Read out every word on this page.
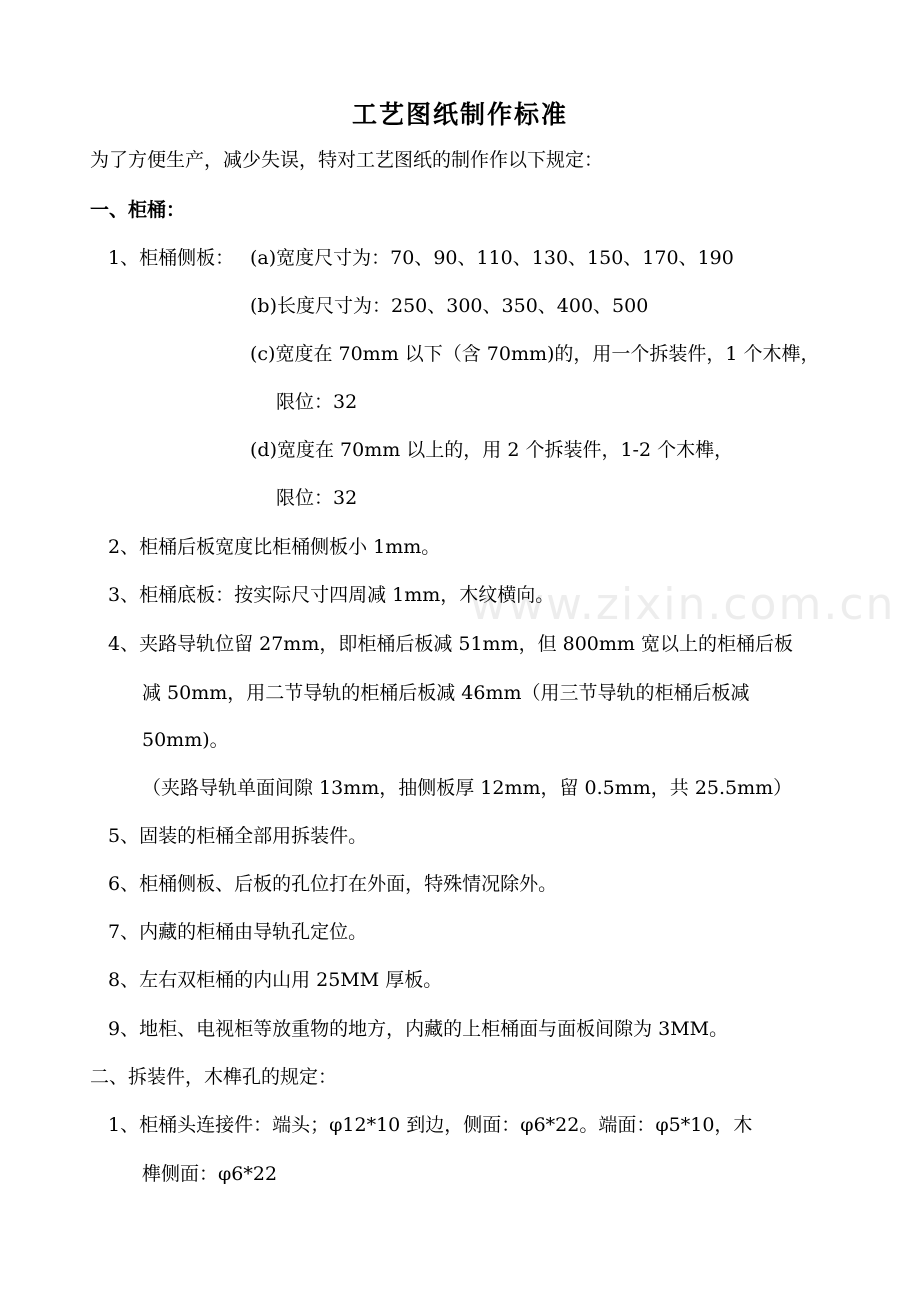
www.zixin.com.cn
工艺图纸制作标准
为了方便生产，减少失误，特对工艺图纸的制作作以下规定：
一、柜桶：
1、柜桶侧板： (a)宽度尺寸为：70、90、110、130、150、170、190
(b)长度尺寸为：250、300、350、400、500
(c)宽度在 70mm 以下（含 70mm)的，用一个拆装件，1 个木榫，
限位：32
(d)宽度在 70mm 以上的，用 2 个拆装件，1-2 个木榫，
限位：32
2、柜桶后板宽度比柜桶侧板小 1mm。
3、柜桶底板：按实际尺寸四周减 1mm，木纹横向。
4、夹路导轨位留 27mm，即柜桶后板减 51mm，但 800mm 宽以上的柜桶后板
减 50mm，用二节导轨的柜桶后板减 46mm（用三节导轨的柜桶后板减
50mm)。
（夹路导轨单面间隙 13mm，抽侧板厚 12mm，留 0.5mm，共 25.5mm）
5、固装的柜桶全部用拆装件。
6、柜桶侧板、后板的孔位打在外面，特殊情况除外。
7、内藏的柜桶由导轨孔定位。
8、左右双柜桶的内山用 25MM 厚板。
9、地柜、电视柜等放重物的地方，内藏的上柜桶面与面板间隙为 3MM。
二、拆装件，木榫孔的规定：
1、柜桶头连接件：端头；φ12*10 到边，侧面：φ6*22。端面：φ5*10，木
榫侧面：φ6*22
